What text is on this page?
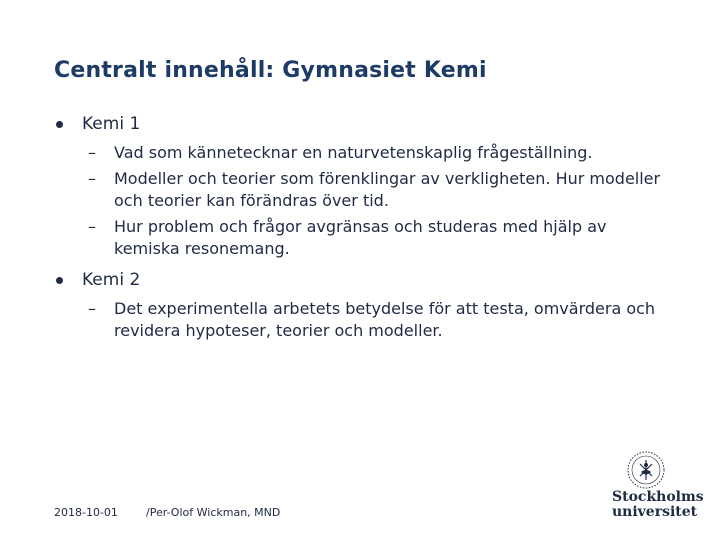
Centralt innehåll: Gymnasiet Kemi
Kemi 1
– Vad som kännetecknar en naturvetenskaplig frågeställning.
– Modeller och teorier som förenklingar av verkligheten. Hur modeller och teorier kan förändras över tid.
– Hur problem och frågor avgränsas och studeras med hjälp av kemiska resonemang.
Kemi 2
– Det experimentella arbetets betydelse för att testa, omvärdera och revidera hypoteser, teorier och modeller.
2018-10-01	/Per-Olof Wickman, MND
Stockholms
universitet
